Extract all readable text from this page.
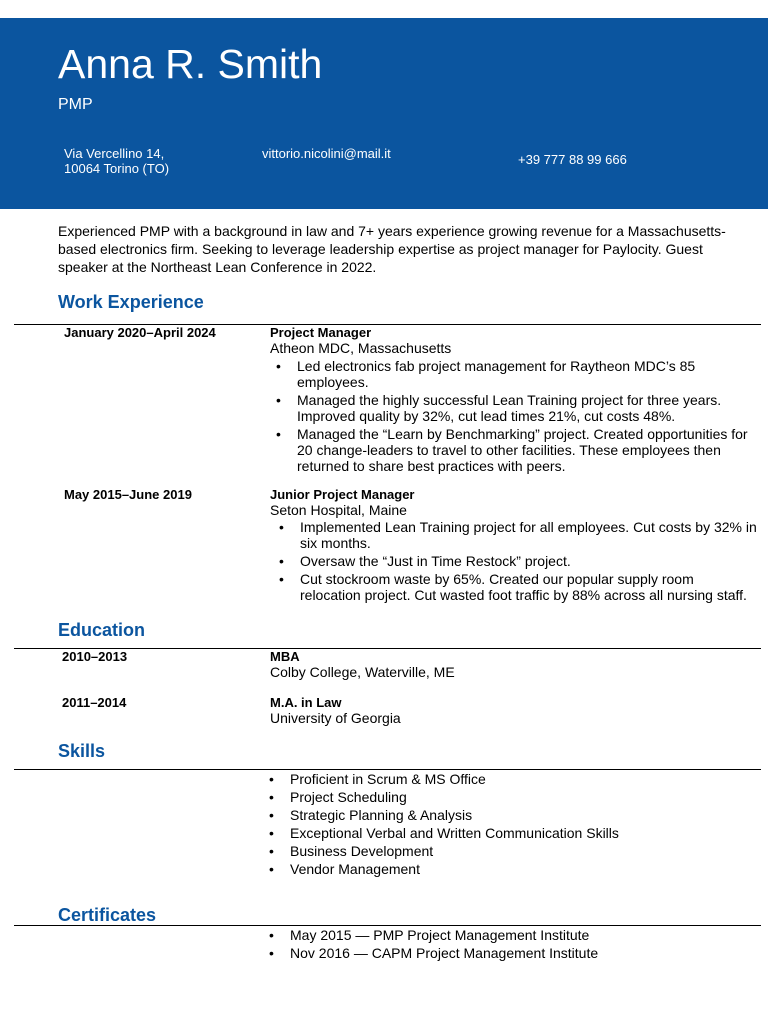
Anna R. Smith
PMP
Via Vercellino 14,
10064 Torino (TO)
vittorio.nicolini@mail.it	+39 777 88 99 666
Experienced PMP with a background in law and 7+ years experience growing revenue for a Massachusetts-based electronics firm. Seeking to leverage leadership expertise as project manager for Paylocity. Guest speaker at the Northeast Lean Conference in 2022.
Work Experience
January 2020–April 2024	Project Manager
Atheon MDC, Massachusetts
• Led electronics fab project management for Raytheon MDC’s 85 employees.
• Managed the highly successful Lean Training project for three years. Improved quality by 32%, cut lead times 21%, cut costs 48%.
• Managed the “Learn by Benchmarking” project. Created opportunities for 20 change-leaders to travel to other facilities. These employees then returned to share best practices with peers.
May 2015–June 2019	Junior Project Manager
Seton Hospital, Maine
• Implemented Lean Training project for all employees. Cut costs by 32% in six months.
• Oversaw the “Just in Time Restock” project.
• Cut stockroom waste by 65%. Created our popular supply room relocation project. Cut wasted foot traffic by 88% across all nursing staff.
Education
2010–2013	MBA
Colby College, Waterville, ME
2011–2014	M.A. in Law
University of Georgia
Skills
• Proficient in Scrum & MS Office
• Project Scheduling
• Strategic Planning & Analysis
• Exceptional Verbal and Written Communication Skills
• Business Development
• Vendor Management
Certificates
• May 2015 — PMP Project Management Institute
• Nov 2016 — CAPM Project Management Institute
